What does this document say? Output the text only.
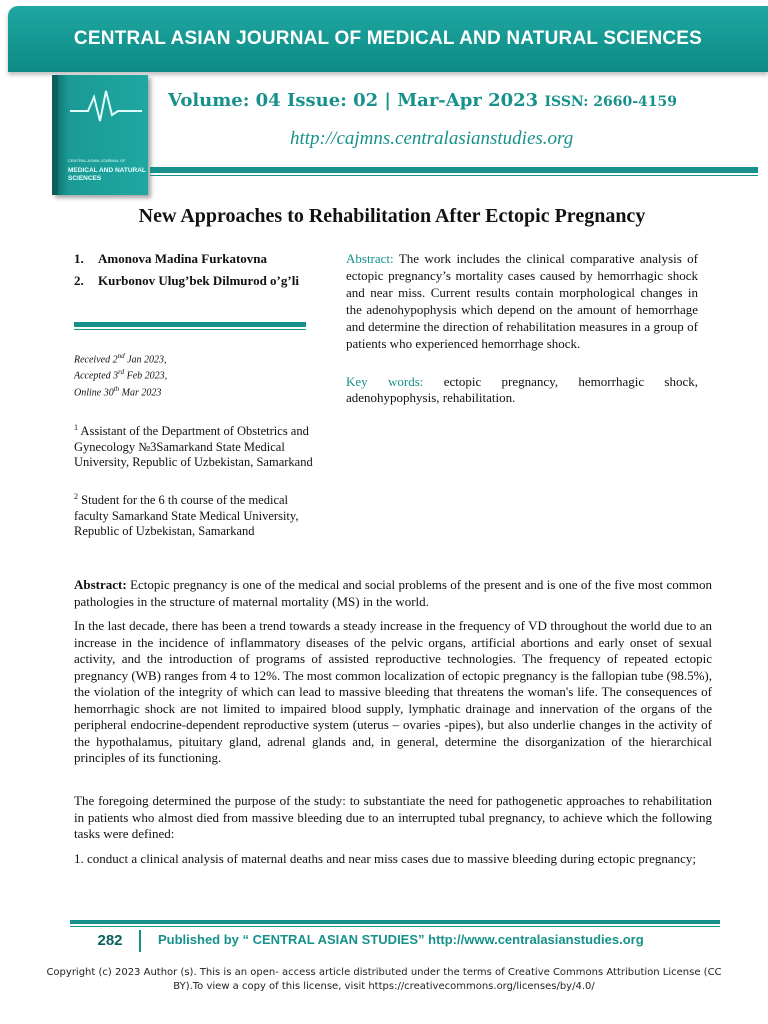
CENTRAL ASIAN JOURNAL OF MEDICAL AND NATURAL SCIENCES
CENTRAL ASIAN JOURNAL OF
MEDICAL AND NATURAL SCIENCES
Volume: 04 Issue: 02 | Mar-Apr 2023 ISSN: 2660-4159
http://cajmns.centralasianstudies.org
New Approaches to Rehabilitation After Ectopic Pregnancy
1.	Amonova Madina Furkatovna
2.	Kurbonov Ulug’bek Dilmurod o’g’li
Received 2nd Jan 2023,
Accepted 3rd Feb 2023,
Online 30th Mar 2023
$^1$ Assistant of the Department of Obstetrics and Gynecology №3Samarkand State Medical University, Republic of Uzbekistan, Samarkand
$^2$ Student for the 6 th course of the medical faculty Samarkand State Medical University, Republic of Uzbekistan, Samarkand
Abstract: The work includes the clinical comparative analysis of ectopic pregnancy’s mortality cases caused by hemorrhagic shock and near miss. Current results contain morphological changes in the adenohypophysis which depend on the amount of hemorrhage and determine the direction of rehabilitation measures in a group of patients who experienced hemorrhage shock.
Key words: ectopic pregnancy, hemorrhagic shock, adenohypophysis, rehabilitation.
Abstract: Ectopic pregnancy is one of the medical and social problems of the present and is one of the five most common pathologies in the structure of maternal mortality (MS) in the world.
In the last decade, there has been a trend towards a steady increase in the frequency of VD throughout the world due to an increase in the incidence of inflammatory diseases of the pelvic organs, artificial abortions and early onset of sexual activity, and the introduction of programs of assisted reproductive technologies. The frequency of repeated ectopic pregnancy (WB) ranges from 4 to 12%. The most common localization of ectopic pregnancy is the fallopian tube (98.5%), the violation of the integrity of which can lead to massive bleeding that threatens the woman's life. The consequences of hemorrhagic shock are not limited to impaired blood supply, lymphatic drainage and innervation of the organs of the peripheral endocrine-dependent reproductive system (uterus – ovaries -pipes), but also underlie changes in the activity of the hypothalamus, pituitary gland, adrenal glands and, in general, determine the disorganization of the hierarchical principles of its functioning.
The foregoing determined the purpose of the study: to substantiate the need for pathogenetic approaches to rehabilitation in patients who almost died from massive bleeding due to an interrupted tubal pregnancy, to achieve which the following tasks were defined:
1. conduct a clinical analysis of maternal deaths and near miss cases due to massive bleeding during ectopic pregnancy;
282	Published by “ CENTRAL ASIAN STUDIES” http://www.centralasianstudies.org
Copyright (c) 2023 Author (s). This is an open- access article distributed under the terms of Creative Commons Attribution License (CC BY).To view a copy of this license, visit https://creativecommons.org/licenses/by/4.0/
